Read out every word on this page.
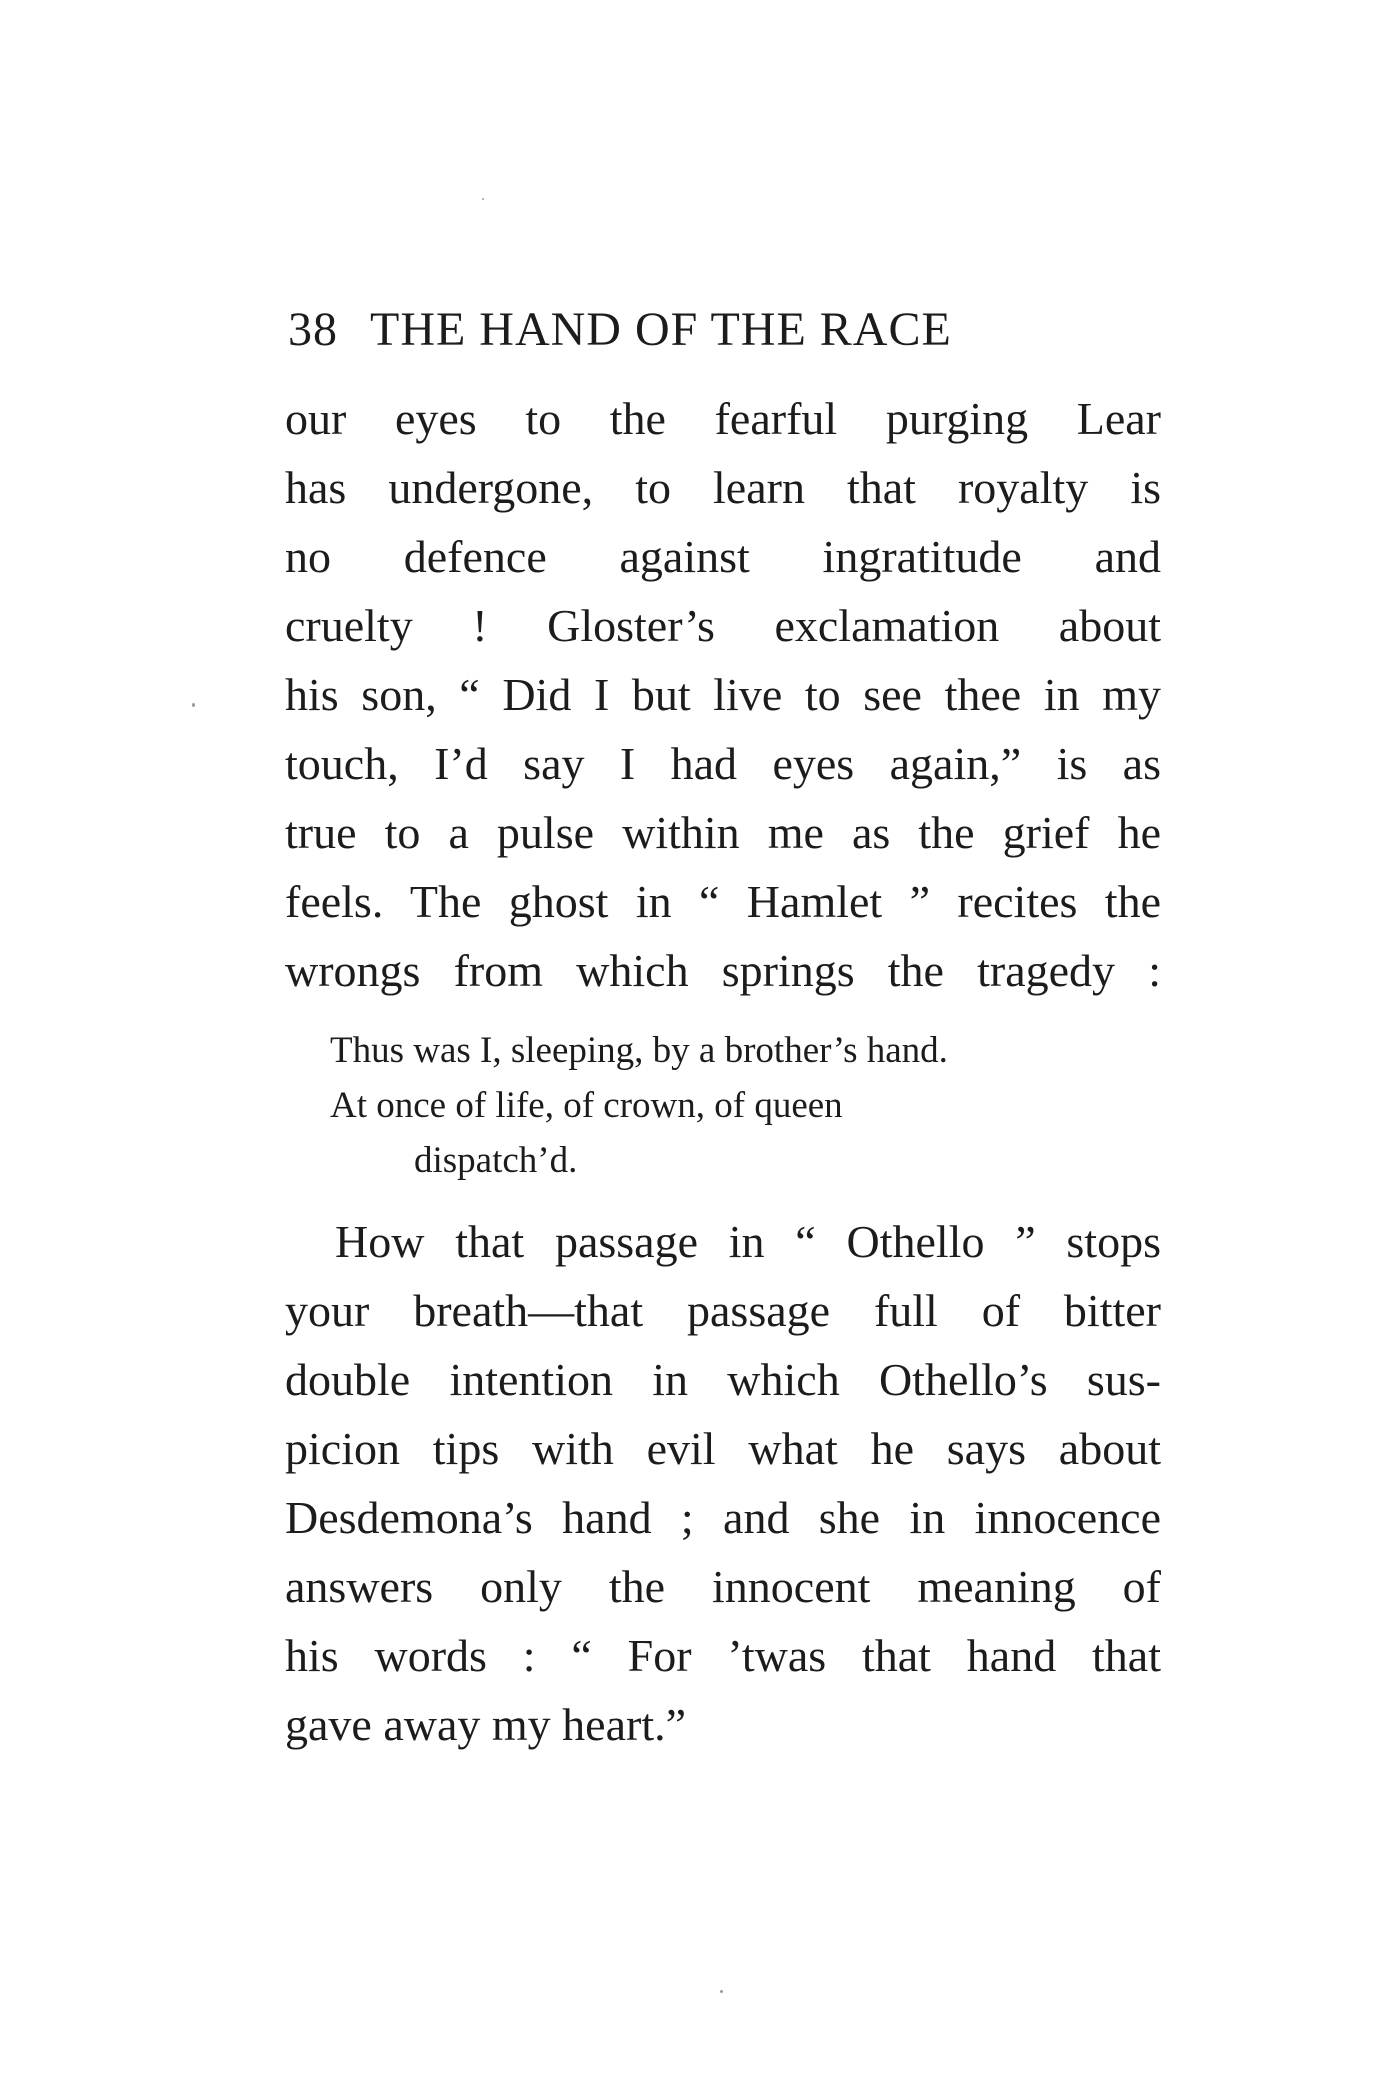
38 THE HAND OF THE RACE
our eyes to the fearful purging Lear
has undergone, to learn that royalty is
no defence against ingratitude and
cruelty ! Gloster’s exclamation about
his son, “ Did I but live to see thee in my
touch, I’d say I had eyes again,” is as
true to a pulse within me as the grief he
feels. The ghost in “ Hamlet ” recites the
wrongs from which springs the tragedy :
Thus was I, sleeping, by a brother’s hand.
At once of life, of crown, of queen
dispatch’d.
How that passage in “ Othello ” stops
your breath—that passage full of bitter
double intention in which Othello’s sus-
picion tips with evil what he says about
Desdemona’s hand ; and she in innocence
answers only the innocent meaning of
his words : “ For ’twas that hand that
gave away my heart.”
